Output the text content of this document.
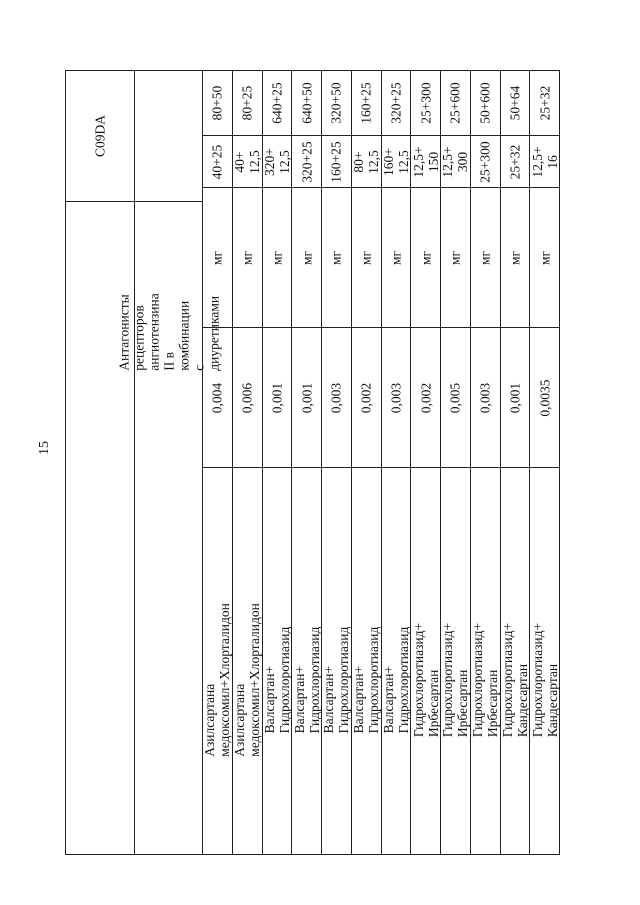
15
C09DA
Антагонисты рецепторов
ангиотензина II в
комбинации с
диуретиками
80+50
40+25
мг
0,004
Азилсартана
медоксомил+Хлорталидон
80+25
40+
12,5
мг
0,006
Азилсартана
медоксомил+Хлорталидон
640+25
320+
12,5
мг
0,001
Валсартан+
Гидрохлоротиазид
640+50
320+25
мг
0,001
Валсартан+
Гидрохлоротиазид
320+50
160+25
мг
0,003
Валсартан+
Гидрохлоротиазид
160+25
80+
12,5
мг
0,002
Валсартан+
Гидрохлоротиазид
320+25
160+
12,5
мг
0,003
Валсартан+
Гидрохлоротиазид
25+300
12,5+
150
мг
0,002
Гидрохлоротиазид+
Ирбесартан
25+600
12,5+
300
мг
0,005
Гидрохлоротиазид+
Ирбесартан
50+600
25+300
мг
0,003
Гидрохлоротиазид+
Ирбесартан
50+64
25+32
мг
0,001
Гидрохлоротиазид+
Кандесартан
25+32
12,5+
16
мг
0,0035
Гидрохлоротиазид+
Кандесартан
